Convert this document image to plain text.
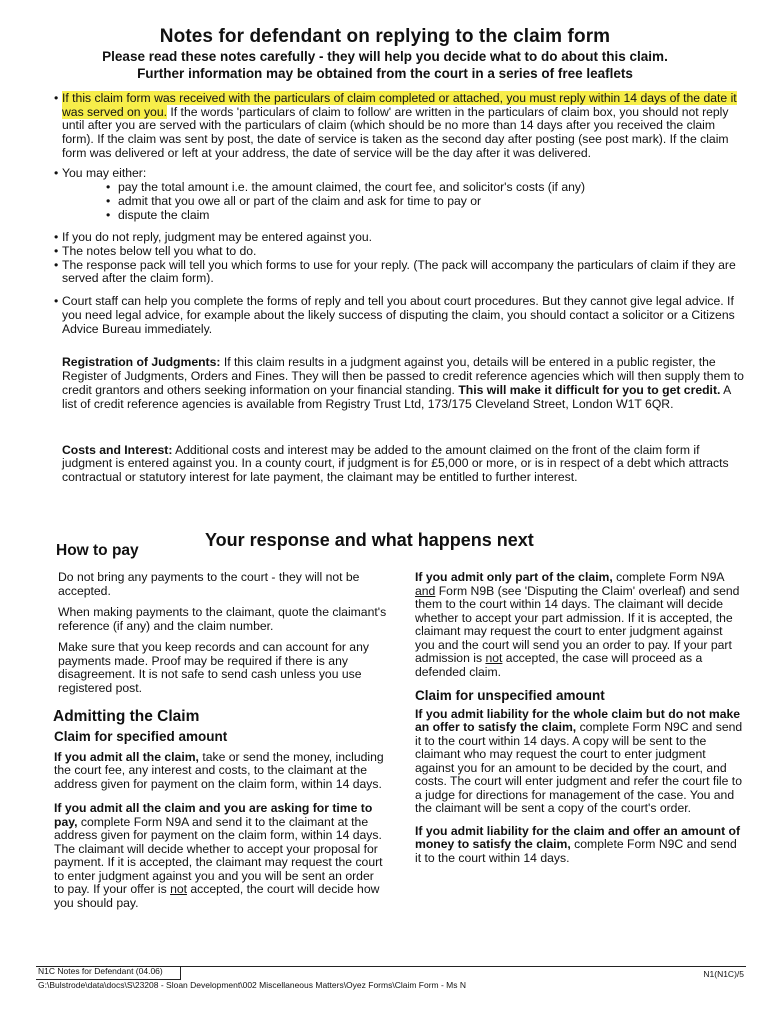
Notes for defendant on replying to the claim form
Please read these notes carefully - they will help you decide what to do about this claim.
Further information may be obtained from the court in a series of free leaflets

• If this claim form was received with the particulars of claim completed or attached, you must reply within 14 days of the date it was served on you. If the words 'particulars of claim to follow' are written in the particulars of claim box, you should not reply until after you are served with the particulars of claim (which should be no more than 14 days after you received the claim form). If the claim was sent by post, the date of service is taken as the second day after posting (see post mark). If the claim form was delivered or left at your address, the date of service will be the day after it was delivered.

• You may either:

• pay the total amount i.e. the amount claimed, the court fee, and solicitor's costs (if any)
• admit that you owe all or part of the claim and ask for time to pay or
• dispute the claim

• If you do not reply, judgment may be entered against you.

• The notes below tell you what to do.

• The response pack will tell you which forms to use for your reply. (The pack will accompany the particulars of claim if they are served after the claim form).

• Court staff can help you complete the forms of reply and tell you about court procedures. But they cannot give legal advice. If you need legal advice, for example about the likely success of disputing the claim, you should contact a solicitor or a Citizens Advice Bureau immediately.

Registration of Judgments: If this claim results in a judgment against you, details will be entered in a public register, the Register of Judgments, Orders and Fines. They will then be passed to credit reference agencies which will then supply them to credit grantors and others seeking information on your financial standing. This will make it difficult for you to get credit. A list of credit reference agencies is available from Registry Trust Ltd, 173/175 Cleveland Street, London W1T 6QR.

Costs and Interest: Additional costs and interest may be added to the amount claimed on the front of the claim form if judgment is entered against you. In a county court, if judgment is for £5,000 or more, or is in respect of a debt which attracts contractual or statutory interest for late payment, the claimant may be entitled to further interest.

Your response and what happens next
How to pay

Do not bring any payments to the court - they will not be accepted.

When making payments to the claimant, quote the claimant's reference (if any) and the claim number.

Make sure that you keep records and can account for any payments made. Proof may be required if there is any disagreement. It is not safe to send cash unless you use registered post.

Admitting the Claim

Claim for specified amount

If you admit all the claim, take or send the money, including the court fee, any interest and costs, to the claimant at the address given for payment on the claim form, within 14 days.

If you admit all the claim and you are asking for time to pay, complete Form N9A and send it to the claimant at the address given for payment on the claim form, within 14 days. The claimant will decide whether to accept your proposal for payment. If it is accepted, the claimant may request the court to enter judgment against you and you will be sent an order to pay. If your offer is not accepted, the court will decide how you should pay.

If you admit only part of the claim, complete Form N9A and Form N9B (see 'Disputing the Claim' overleaf) and send them to the court within 14 days. The claimant will decide whether to accept your part admission. If it is accepted, the claimant may request the court to enter judgment against you and the court will send you an order to pay. If your part admission is not accepted, the case will proceed as a defended claim.

Claim for unspecified amount

If you admit liability for the whole claim but do not make an offer to satisfy the claim, complete Form N9C and send it to the court within 14 days. A copy will be sent to the claimant who may request the court to enter judgment against you for an amount to be decided by the court, and costs. The court will enter judgment and refer the court file to a judge for directions for management of the case. You and the claimant will be sent a copy of the court's order.

If you admit liability for the claim and offer an amount of money to satisfy the claim, complete Form N9C and send it to the court within 14 days.

N1C Notes for Defendant (04.06)	N1(N1C)/5
G:\Bulstrode\data\docs\S\23208 - Sloan Development\002 Miscellaneous Matters\Oyez Forms\Claim Form - Ms N
